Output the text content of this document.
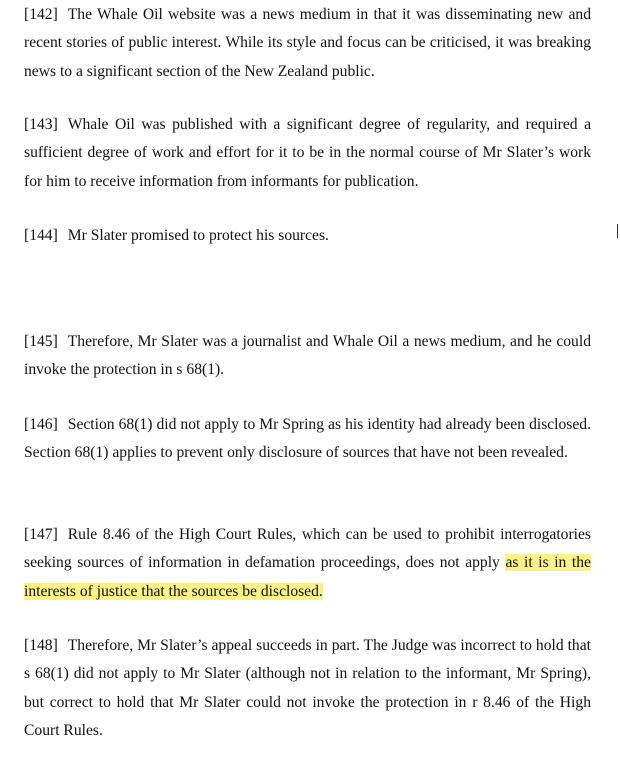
[142] The Whale Oil website was a news medium in that it was disseminating new and recent stories of public interest. While its style and focus can be criticised, it was breaking news to a significant section of the New Zealand public.

[143] Whale Oil was published with a significant degree of regularity, and required a sufficient degree of work and effort for it to be in the normal course of Mr Slater’s work for him to receive information from informants for publication.

[144] Mr Slater promised to protect his sources.

[145] Therefore, Mr Slater was a journalist and Whale Oil a news medium, and he could invoke the protection in s 68(1).

[146] Section 68(1) did not apply to Mr Spring as his identity had already been disclosed. Section 68(1) applies to prevent only disclosure of sources that have not been revealed.

[147] Rule 8.46 of the High Court Rules, which can be used to prohibit interrogatories seeking sources of information in defamation proceedings, does not apply as it is in the interests of justice that the sources be disclosed.

[148] Therefore, Mr Slater’s appeal succeeds in part. The Judge was incorrect to hold that s 68(1) did not apply to Mr Slater (although not in relation to the informant, Mr Spring), but correct to hold that Mr Slater could not invoke the protection in r 8.46 of the High Court Rules.
